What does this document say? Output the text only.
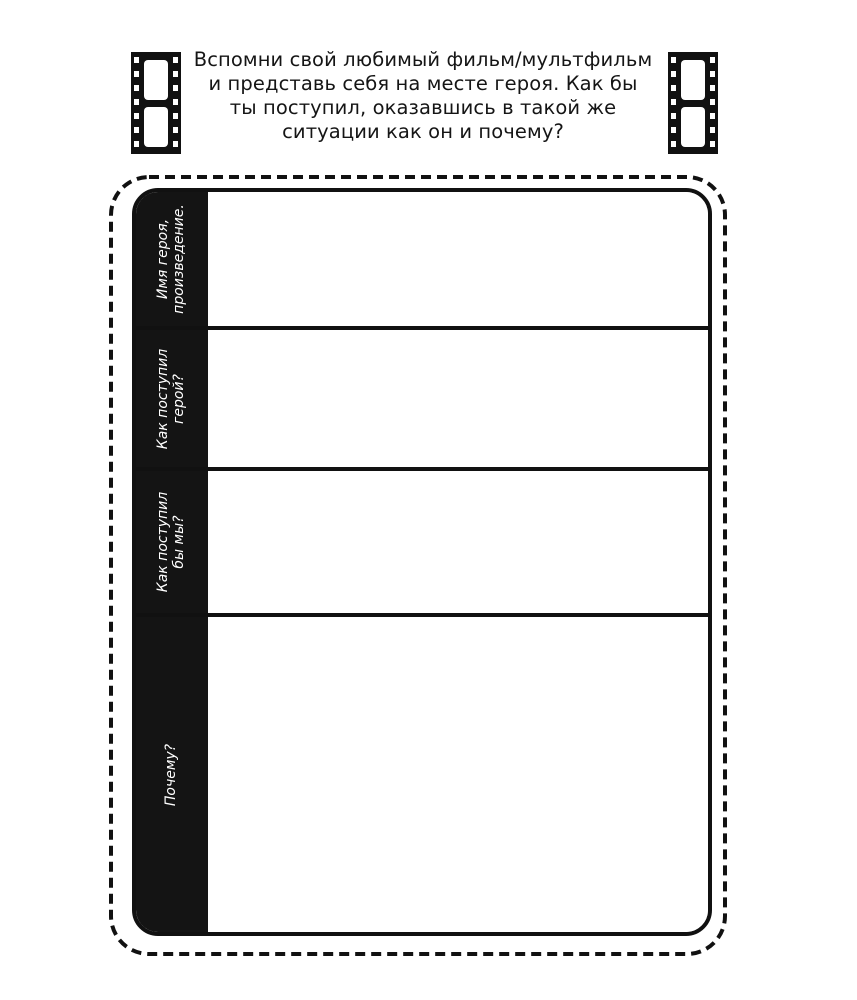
Вспомни свой любимый фильм/мультфильм
и представь себя на месте героя. Как бы
ты поступил, оказавшись в такой же
ситуации как он и почему?
Имя героя,
произведение.
Как поступил
герой?
Как поступил
бы мы?
Почему?
